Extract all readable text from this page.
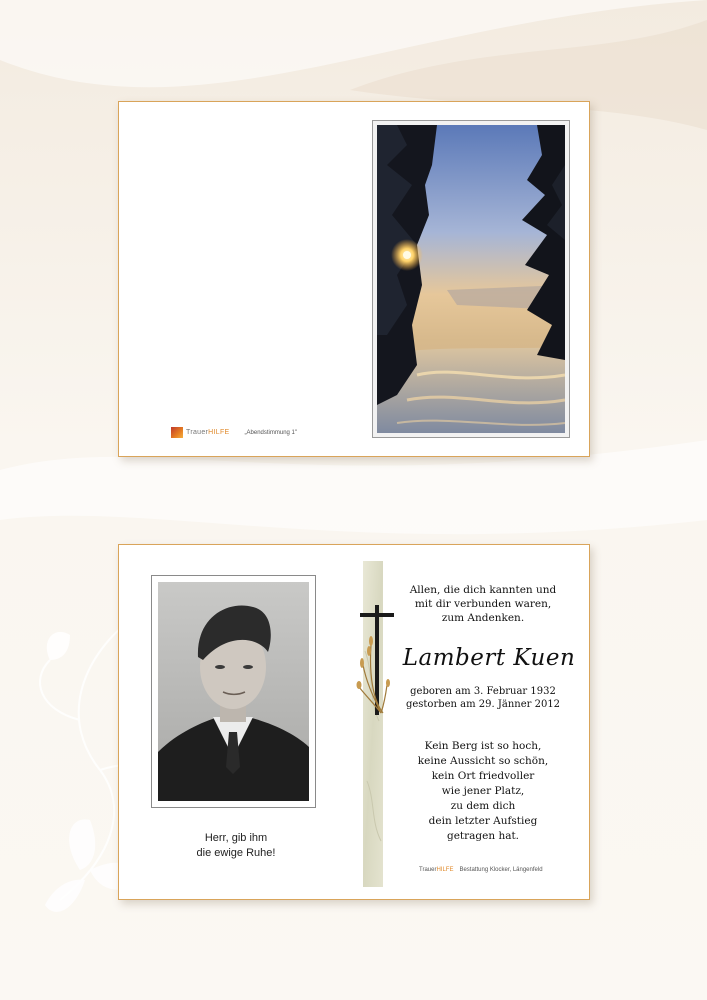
TrauerHILFE	„Abendstimmung 1"
Herr, gib ihm
die ewige Ruhe!
Allen, die dich kannten und
mit dir verbunden waren,
zum Andenken.
Lambert Kuen
geboren am 3. Februar 1932
gestorben am 29. Jänner 2012
Kein Berg ist so hoch,
keine Aussicht so schön,
kein Ort friedvoller
wie jener Platz,
zu dem dich
dein letzter Aufstieg
getragen hat.
TrauerHILFE Bestattung Klocker, Längenfeld
